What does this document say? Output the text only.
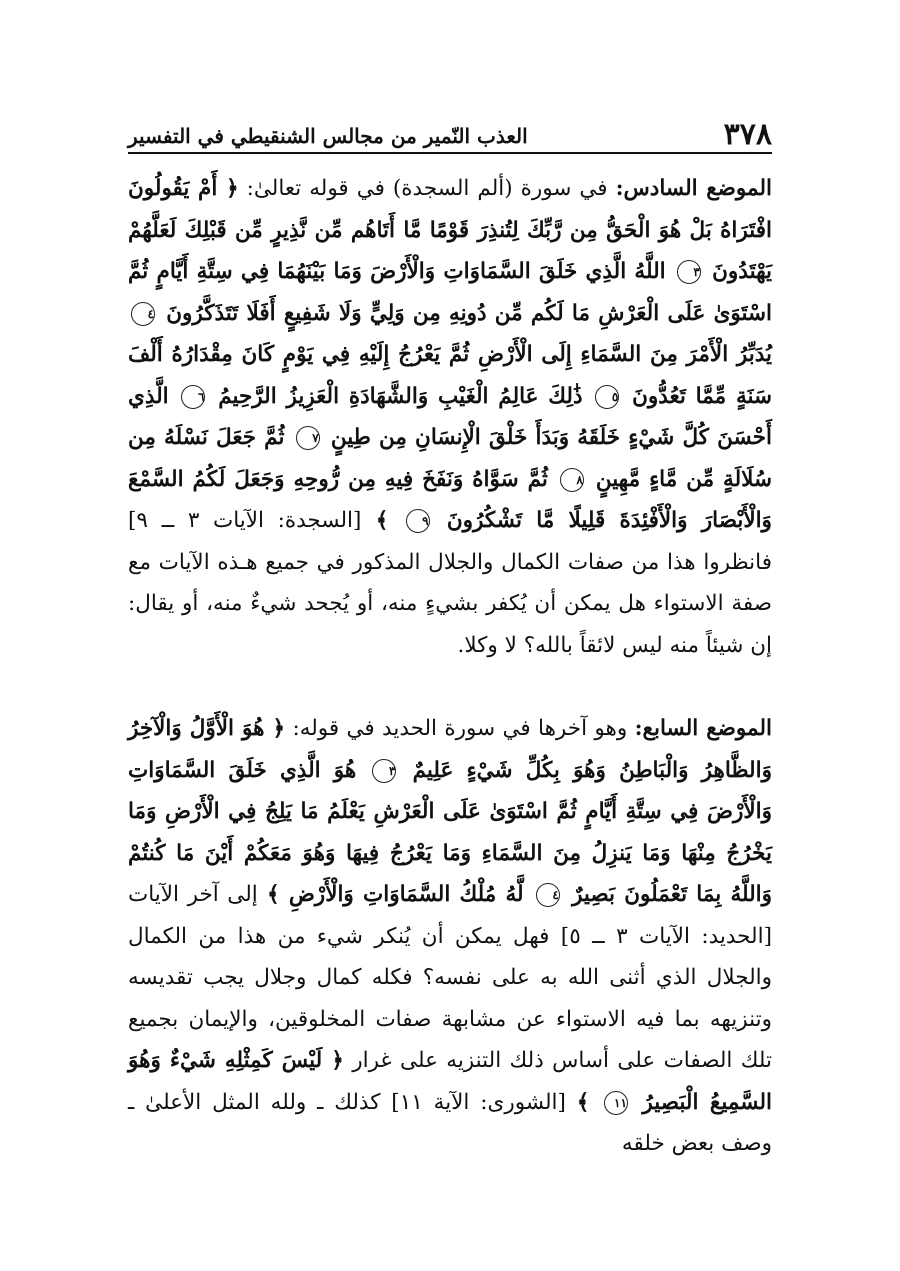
٣٧٨
العذب النّمير من مجالس الشنقيطي في التفسير

الموضع السادس: في سورة (ألم السجدة) في قوله تعالىٰ: ﴿ أَمْ يَقُولُونَ افْتَرَاهُ بَلْ هُوَ الْحَقُّ مِن رَّبِّكَ لِتُنذِرَ قَوْمًا مَّا أَتَاهُم مِّن نَّذِيرٍ مِّن قَبْلِكَ لَعَلَّهُمْ يَهْتَدُونَ ٣ اللَّهُ الَّذِي خَلَقَ السَّمَاوَاتِ وَالْأَرْضَ وَمَا بَيْنَهُمَا فِي سِتَّةِ أَيَّامٍ ثُمَّ اسْتَوَىٰ عَلَى الْعَرْشِ مَا لَكُم مِّن دُونِهِ مِن وَلِيٍّ وَلَا شَفِيعٍ أَفَلَا تَتَذَكَّرُونَ ٤ يُدَبِّرُ الْأَمْرَ مِنَ السَّمَاءِ إِلَى الْأَرْضِ ثُمَّ يَعْرُجُ إِلَيْهِ فِي يَوْمٍ كَانَ مِقْدَارُهُ أَلْفَ سَنَةٍ مِّمَّا تَعُدُّونَ ٥ ذَٰلِكَ عَالِمُ الْغَيْبِ وَالشَّهَادَةِ الْعَزِيزُ الرَّحِيمُ ٦ الَّذِي أَحْسَنَ كُلَّ شَيْءٍ خَلَقَهُ وَبَدَأَ خَلْقَ الْإِنسَانِ مِن طِينٍ ٧ ثُمَّ جَعَلَ نَسْلَهُ مِن سُلَالَةٍ مِّن مَّاءٍ مَّهِينٍ ٨ ثُمَّ سَوَّاهُ وَنَفَخَ فِيهِ مِن رُّوحِهِ وَجَعَلَ لَكُمُ السَّمْعَ وَالْأَبْصَارَ وَالْأَفْئِدَةَ قَلِيلًا مَّا تَشْكُرُونَ ٩ ﴾ [السجدة: الآيات ٣ ــ ٩] فانظروا هذا من صفات الكمال والجلال المذكور في جميع هـذه الآيات مع صفة الاستواء هل يمكن أن يُكفر بشيءٍ منه، أو يُجحد شيءٌ منه، أو يقال: إن شيئاً منه ليس لائقاً بالله؟ لا وكلا.

الموضع السابع: وهو آخرها في سورة الحديد في قوله: ﴿ هُوَ الْأَوَّلُ وَالْآخِرُ وَالظَّاهِرُ وَالْبَاطِنُ وَهُوَ بِكُلِّ شَيْءٍ عَلِيمٌ ٣ هُوَ الَّذِي خَلَقَ السَّمَاوَاتِ وَالْأَرْضَ فِي سِتَّةِ أَيَّامٍ ثُمَّ اسْتَوَىٰ عَلَى الْعَرْشِ يَعْلَمُ مَا يَلِجُ فِي الْأَرْضِ وَمَا يَخْرُجُ مِنْهَا وَمَا يَنزِلُ مِنَ السَّمَاءِ وَمَا يَعْرُجُ فِيهَا وَهُوَ مَعَكُمْ أَيْنَ مَا كُنتُمْ وَاللَّهُ بِمَا تَعْمَلُونَ بَصِيرٌ ٤ لَّهُ مُلْكُ السَّمَاوَاتِ وَالْأَرْضِ ﴾ إلى آخر الآيات [الحديد: الآيات ٣ ــ ٥] فهل يمكن أن يُنكر شيء من هذا من الكمال والجلال الذي أثنى الله به على نفسه؟ فكله كمال وجلال يجب تقديسه وتنزيهه بما فيه الاستواء عن مشابهة صفات المخلوقين، والإيمان بجميع تلك الصفات على أساس ذلك التنزيه على غرار ﴿ لَيْسَ كَمِثْلِهِ شَيْءٌ وَهُوَ السَّمِيعُ الْبَصِيرُ ١١ ﴾ [الشورى: الآية ١١] كذلك ـ ولله المثل الأعلىٰ ـ وصف بعض خلقه
